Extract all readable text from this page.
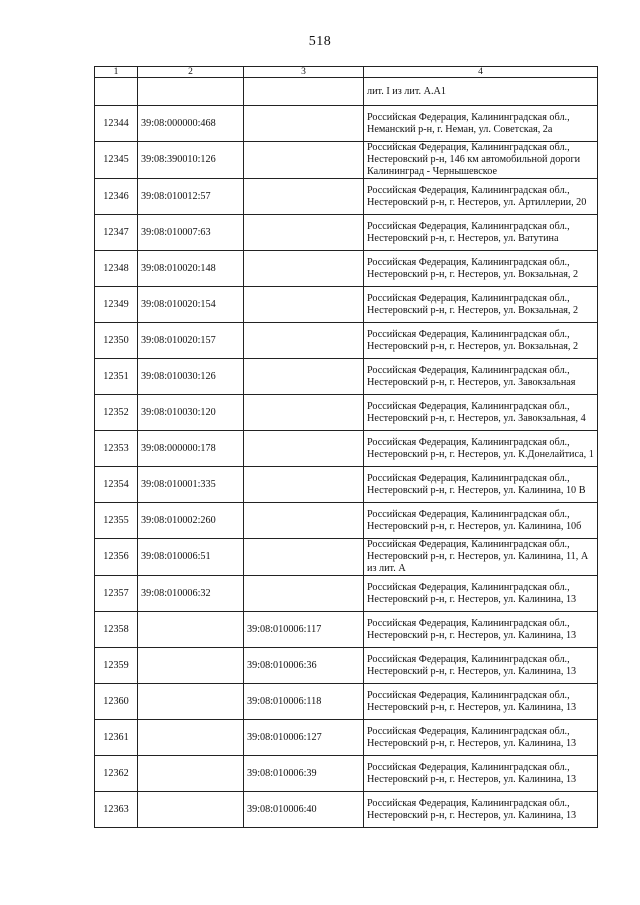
518
1	2	3	4
			лит. I из лит. А.А1
12344	39:08:000000:468		Российская Федерация, Калининградская обл., Неманский р-н, г. Неман, ул. Советская, 2а
12345	39:08:390010:126		Российская Федерация, Калининградская обл., Нестеровский р-н, 146 км автомобильной дороги Калининград - Чернышевское
12346	39:08:010012:57		Российская Федерация, Калининградская обл., Нестеровский р-н, г. Нестеров, ул. Артиллерии, 20
12347	39:08:010007:63		Российская Федерация, Калининградская обл., Нестеровский р-н, г. Нестеров, ул. Ватутина
12348	39:08:010020:148		Российская Федерация, Калининградская обл., Нестеровский р-н, г. Нестеров, ул. Вокзальная, 2
12349	39:08:010020:154		Российская Федерация, Калининградская обл., Нестеровский р-н, г. Нестеров, ул. Вокзальная, 2
12350	39:08:010020:157		Российская Федерация, Калининградская обл., Нестеровский р-н, г. Нестеров, ул. Вокзальная, 2
12351	39:08:010030:126		Российская Федерация, Калининградская обл., Нестеровский р-н, г. Нестеров, ул. Завокзальная
12352	39:08:010030:120		Российская Федерация, Калининградская обл., Нестеровский р-н, г. Нестеров, ул. Завокзальная, 4
12353	39:08:000000:178		Российская Федерация, Калининградская обл., Нестеровский р-н, г. Нестеров, ул. К.Донелайтиса, 1
12354	39:08:010001:335		Российская Федерация, Калининградская обл., Нестеровский р-н, г. Нестеров, ул. Калинина, 10 В
12355	39:08:010002:260		Российская Федерация, Калининградская обл., Нестеровский р-н, г. Нестеров, ул. Калинина, 10б
12356	39:08:010006:51		Российская Федерация, Калининградская обл., Нестеровский р-н, г. Нестеров, ул. Калинина, 11, А из лит. А
12357	39:08:010006:32		Российская Федерация, Калининградская обл., Нестеровский р-н, г. Нестеров, ул. Калинина, 13
12358		39:08:010006:117	Российская Федерация, Калининградская обл., Нестеровский р-н, г. Нестеров, ул. Калинина, 13
12359		39:08:010006:36	Российская Федерация, Калининградская обл., Нестеровский р-н, г. Нестеров, ул. Калинина, 13
12360		39:08:010006:118	Российская Федерация, Калининградская обл., Нестеровский р-н, г. Нестеров, ул. Калинина, 13
12361		39:08:010006:127	Российская Федерация, Калининградская обл., Нестеровский р-н, г. Нестеров, ул. Калинина, 13
12362		39:08:010006:39	Российская Федерация, Калининградская обл., Нестеровский р-н, г. Нестеров, ул. Калинина, 13
12363		39:08:010006:40	Российская Федерация, Калининградская обл., Нестеровский р-н, г. Нестеров, ул. Калинина, 13
